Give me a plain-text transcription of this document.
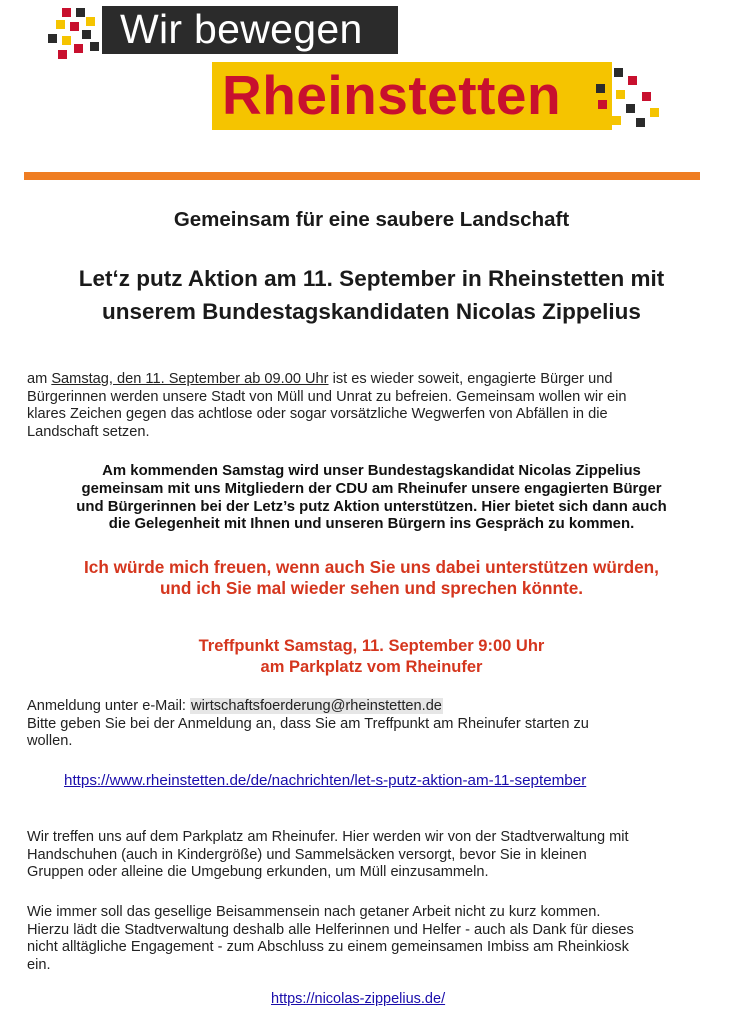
Wir bewegen
Rheinstetten
Gemeinsam für eine saubere Landschaft
Let‘z putz Aktion am 11. September in Rheinstetten mit
unserem Bundestagskandidaten Nicolas Zippelius
am Samstag, den 11. September ab 09.00 Uhr ist es wieder soweit, engagierte Bürger und
Bürgerinnen werden unsere Stadt von Müll und Unrat zu befreien. Gemeinsam wollen wir ein
klares Zeichen gegen das achtlose oder sogar vorsätzliche Wegwerfen von Abfällen in die
Landschaft setzen.
Am kommenden Samstag wird unser Bundestagskandidat Nicolas Zippelius
gemeinsam mit uns Mitgliedern der CDU am Rheinufer unsere engagierten Bürger
und Bürgerinnen bei der Letz’s putz Aktion unterstützen. Hier bietet sich dann auch
die Gelegenheit mit Ihnen und unseren Bürgern ins Gespräch zu kommen.
Ich würde mich freuen, wenn auch Sie uns dabei unterstützen würden,
und ich Sie mal wieder sehen und sprechen könnte.
Treffpunkt Samstag, 11. September 9:00 Uhr
am Parkplatz vom Rheinufer
Anmeldung unter e-Mail: wirtschaftsfoerderung@rheinstetten.de
Bitte geben Sie bei der Anmeldung an, dass Sie am Treffpunkt am Rheinufer starten zu
wollen.
https://www.rheinstetten.de/de/nachrichten/let-s-putz-aktion-am-11-september
Wir treffen uns auf dem Parkplatz am Rheinufer. Hier werden wir von der Stadtverwaltung mit
Handschuhen (auch in Kindergröße) und Sammelsäcken versorgt, bevor Sie in kleinen
Gruppen oder alleine die Umgebung erkunden, um Müll einzusammeln.
Wie immer soll das gesellige Beisammensein nach getaner Arbeit nicht zu kurz kommen.
Hierzu lädt die Stadtverwaltung deshalb alle Helferinnen und Helfer - auch als Dank für dieses
nicht alltägliche Engagement - zum Abschluss zu einem gemeinsamen Imbiss am Rheinkiosk
ein.
https://nicolas-zippelius.de/
